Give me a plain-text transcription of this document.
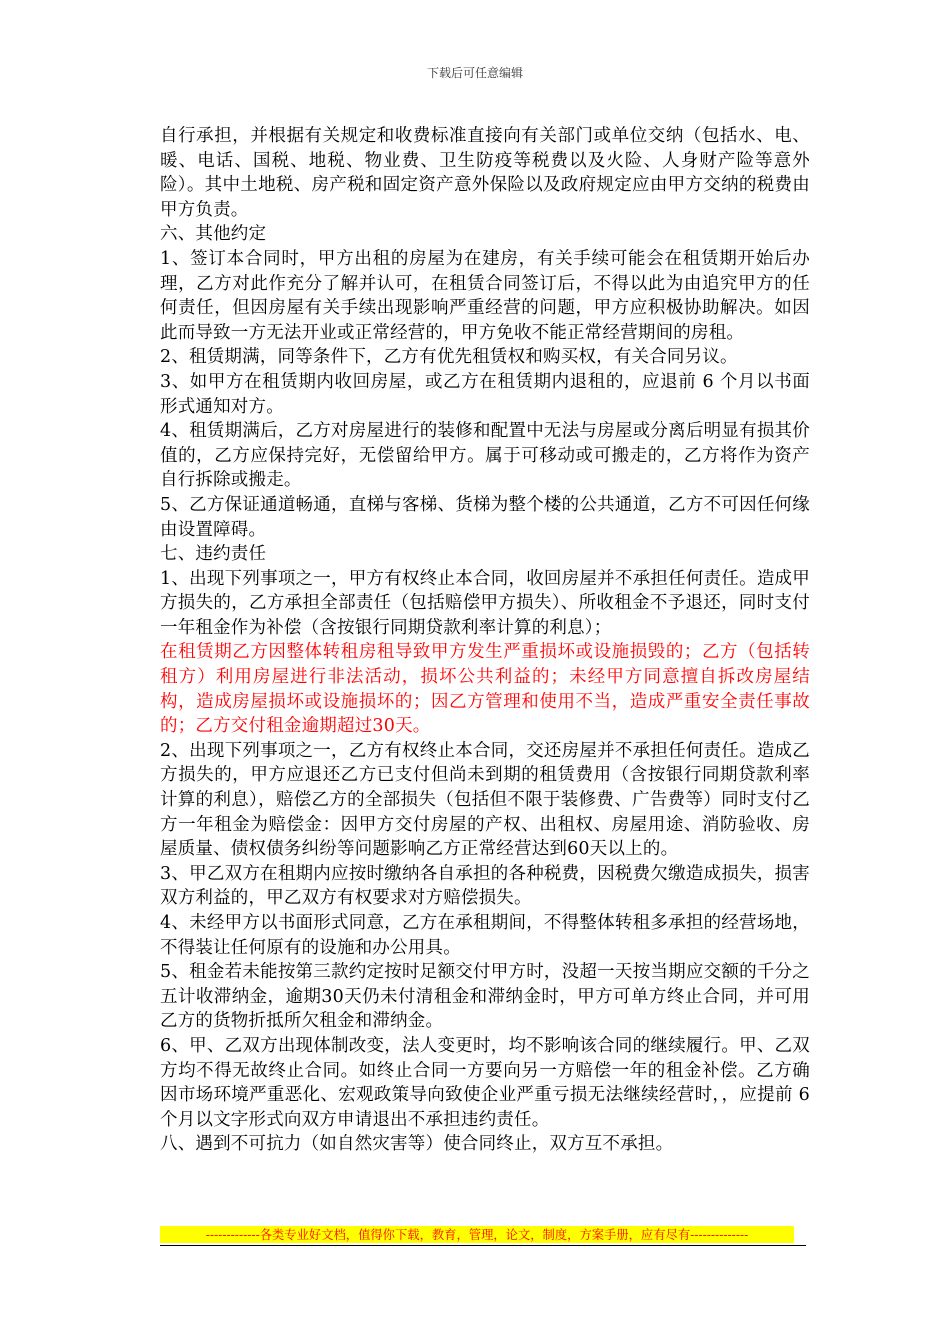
下载后可任意编辑

自行承担，并根据有关规定和收费标准直接向有关部门或单位交纳（包括水、电、暖、电话、国税、地税、物业费、卫生防疫等税费以及火险、人身财产险等意外险）。其中土地税、房产税和固定资产意外保险以及政府规定应由甲方交纳的税费由甲方负责。

六、其他约定

1、签订本合同时，甲方出租的房屋为在建房，有关手续可能会在租赁期开始后办理，乙方对此作充分了解并认可，在租赁合同签订后，不得以此为由追究甲方的任何责任，但因房屋有关手续出现影响严重经营的问题，甲方应积极协助解决。如因此而导致一方无法开业或正常经营的，甲方免收不能正常经营期间的房租。

2、租赁期满，同等条件下，乙方有优先租赁权和购买权，有关合同另议。

3、如甲方在租赁期内收回房屋，或乙方在租赁期内退租的，应退前 6 个月以书面形式通知对方。

4、租赁期满后，乙方对房屋进行的装修和配置中无法与房屋或分离后明显有损其价值的，乙方应保持完好，无偿留给甲方。属于可移动或可搬走的，乙方将作为资产自行拆除或搬走。

5、乙方保证通道畅通，直梯与客梯、货梯为整个楼的公共通道，乙方不可因任何缘由设置障碍。

七、违约责任

1、出现下列事项之一，甲方有权终止本合同，收回房屋并不承担任何责任。造成甲方损失的，乙方承担全部责任（包括赔偿甲方损失）、所收租金不予退还，同时支付一年租金作为补偿（含按银行同期贷款利率计算的利息）；

在租赁期乙方因整体转租房租导致甲方发生严重损坏或设施损毁的；乙方（包括转租方）利用房屋进行非法活动，损坏公共利益的；未经甲方同意擅自拆改房屋结构，造成房屋损坏或设施损坏的；因乙方管理和使用不当，造成严重安全责任事故的；乙方交付租金逾期超过30天。

2、出现下列事项之一，乙方有权终止本合同，交还房屋并不承担任何责任。造成乙方损失的，甲方应退还乙方已支付但尚未到期的租赁费用（含按银行同期贷款利率计算的利息），赔偿乙方的全部损失（包括但不限于装修费、广告费等）同时支付乙方一年租金为赔偿金：因甲方交付房屋的产权、出租权、房屋用途、消防验收、房屋质量、债权债务纠纷等问题影响乙方正常经营达到60天以上的。

3、甲乙双方在租期内应按时缴纳各自承担的各种税费，因税费欠缴造成损失，损害双方利益的，甲乙双方有权要求对方赔偿损失。

4、未经甲方以书面形式同意，乙方在承租期间，不得整体转租多承担的经营场地，不得装让任何原有的设施和办公用具。

5、租金若未能按第三款约定按时足额交付甲方时，没超一天按当期应交额的千分之五计收滞纳金，逾期30天仍未付清租金和滞纳金时，甲方可单方终止合同，并可用乙方的货物折抵所欠租金和滞纳金。

6、甲、乙双方出现体制改变，法人变更时，均不影响该合同的继续履行。甲、乙双方均不得无故终止合同。如终止合同一方要向另一方赔偿一年的租金补偿。乙方确因市场环境严重恶化、宏观政策导向致使企业严重亏损无法继续经营时，，应提前 6 个月以文字形式向双方申请退出不承担违约责任。

八、遇到不可抗力（如自然灾害等）使合同终止，双方互不承担。

-------------各类专业好文档，值得你下载，教育，管理，论文，制度，方案手册，应有尽有--------------
